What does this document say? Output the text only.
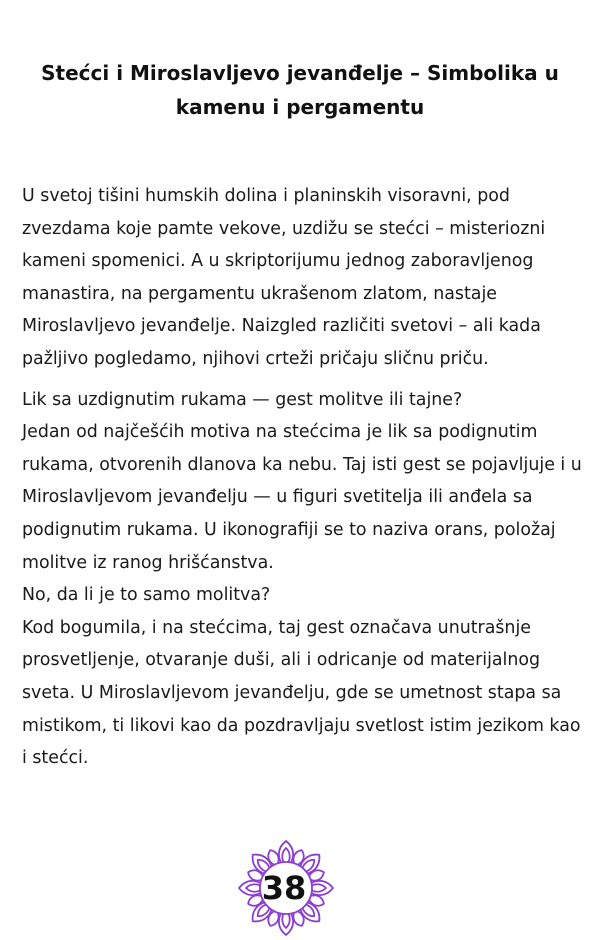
Stećci i Miroslavljevo jevanđelje – Simbolika u kamenu i pergamentu

U svetoj tišini humskih dolina i planinskih visoravni, pod zvezdama koje pamte vekove, uzdižu se stećci – misteriozni kameni spomenici. A u skriptorijumu jednog zaboravljenog manastira, na pergamentu ukrašenom zlatom, nastaje Miroslavljevo jevanđelje. Naizgled različiti svetovi – ali kada pažljivo pogledamo, njihovi crteži pričaju sličnu priču.

Lik sa uzdignutim rukama — gest molitve ili tajne?

Jedan od najčešćih motiva na stećcima je lik sa podignutim rukama, otvorenih dlanova ka nebu. Taj isti gest se pojavljuje i u Miroslavljevom jevanđelju — u figuri svetitelja ili anđela sa podignutim rukama. U ikonografiji se to naziva orans, položaj molitve iz ranog hrišćanstva.

No, da li je to samo molitva?

Kod bogumila, i na stećcima, taj gest označava unutrašnje prosvetljenje, otvaranje duši, ali i odricanje od materijalnog sveta. U Miroslavljevom jevanđelju, gde se umetnost stapa sa mistikom, ti likovi kao da pozdravljaju svetlost istim jezikom kao i stećci.

38
